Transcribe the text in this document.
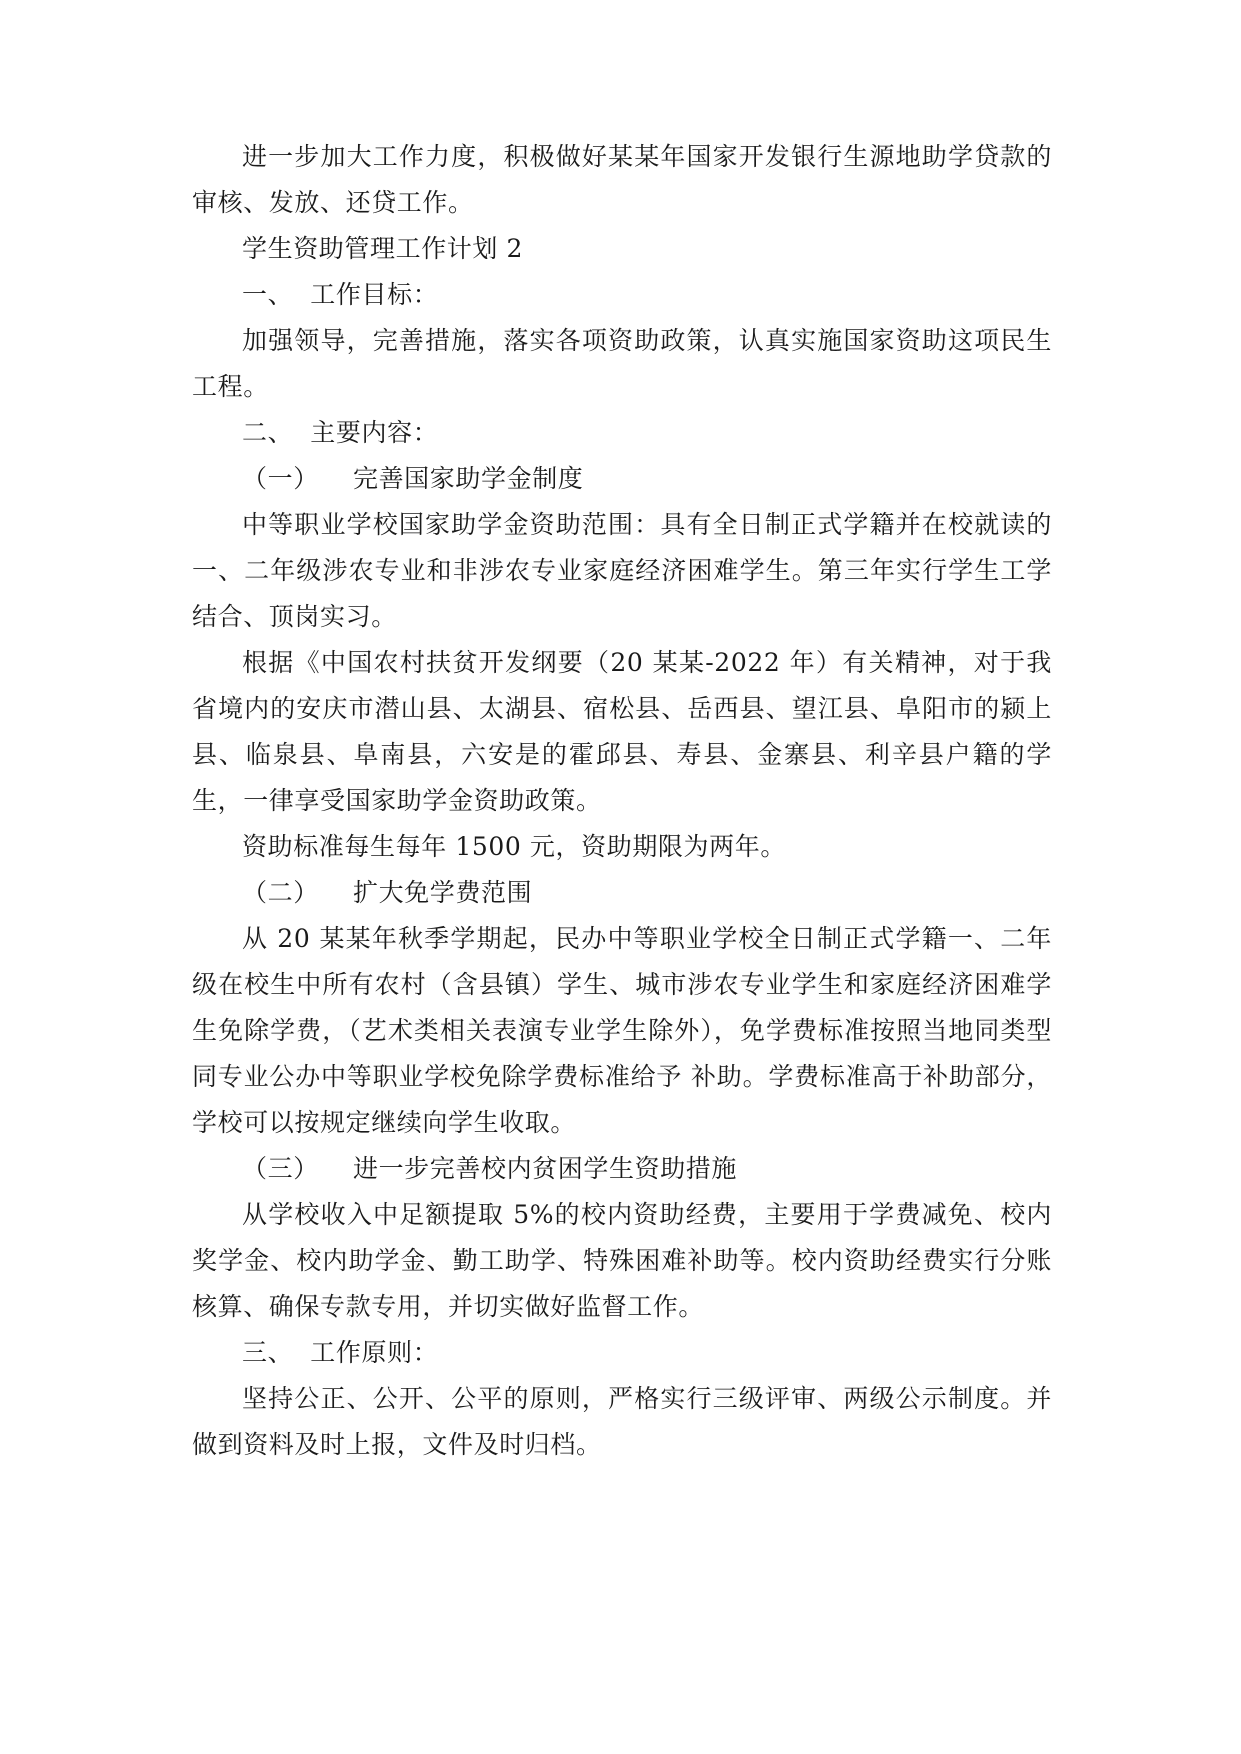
进一步加大工作力度，积极做好某某年国家开发银行生源地助学贷款的审核、发放、还贷工作。

学生资助管理工作计划 2

一、  工作目标：

加强领导，完善措施，落实各项资助政策，认真实施国家资助这项民生工程。

二、  主要内容：

（一）    完善国家助学金制度

中等职业学校国家助学金资助范围：具有全日制正式学籍并在校就读的一、二年级涉农专业和非涉农专业家庭经济困难学生。第三年实行学生工学结合、顶岗实习。

根据《中国农村扶贫开发纲要（20 某某-2022 年）有关精神，对于我省境内的安庆市潜山县、太湖县、宿松县、岳西县、望江县、阜阳市的颍上县、临泉县、阜南县，六安是的霍邱县、寿县、金寨县、利辛县户籍的学生，一律享受国家助学金资助政策。

资助标准每生每年 1500 元，资助期限为两年。

（二）    扩大免学费范围

从 20 某某年秋季学期起，民办中等职业学校全日制正式学籍一、二年级在校生中所有农村（含县镇）学生、城市涉农专业学生和家庭经济困难学生免除学费，（艺术类相关表演专业学生除外），免学费标准按照当地同类型同专业公办中等职业学校免除学费标准给予 补助。学费标准高于补助部分，学校可以按规定继续向学生收取。

（三）    进一步完善校内贫困学生资助措施

从学校收入中足额提取 5%的校内资助经费，主要用于学费减免、校内奖学金、校内助学金、勤工助学、特殊困难补助等。校内资助经费实行分账核算、确保专款专用，并切实做好监督工作。

三、  工作原则：

坚持公正、公开、公平的原则，严格实行三级评审、两级公示制度。并做到资料及时上报，文件及时归档。
